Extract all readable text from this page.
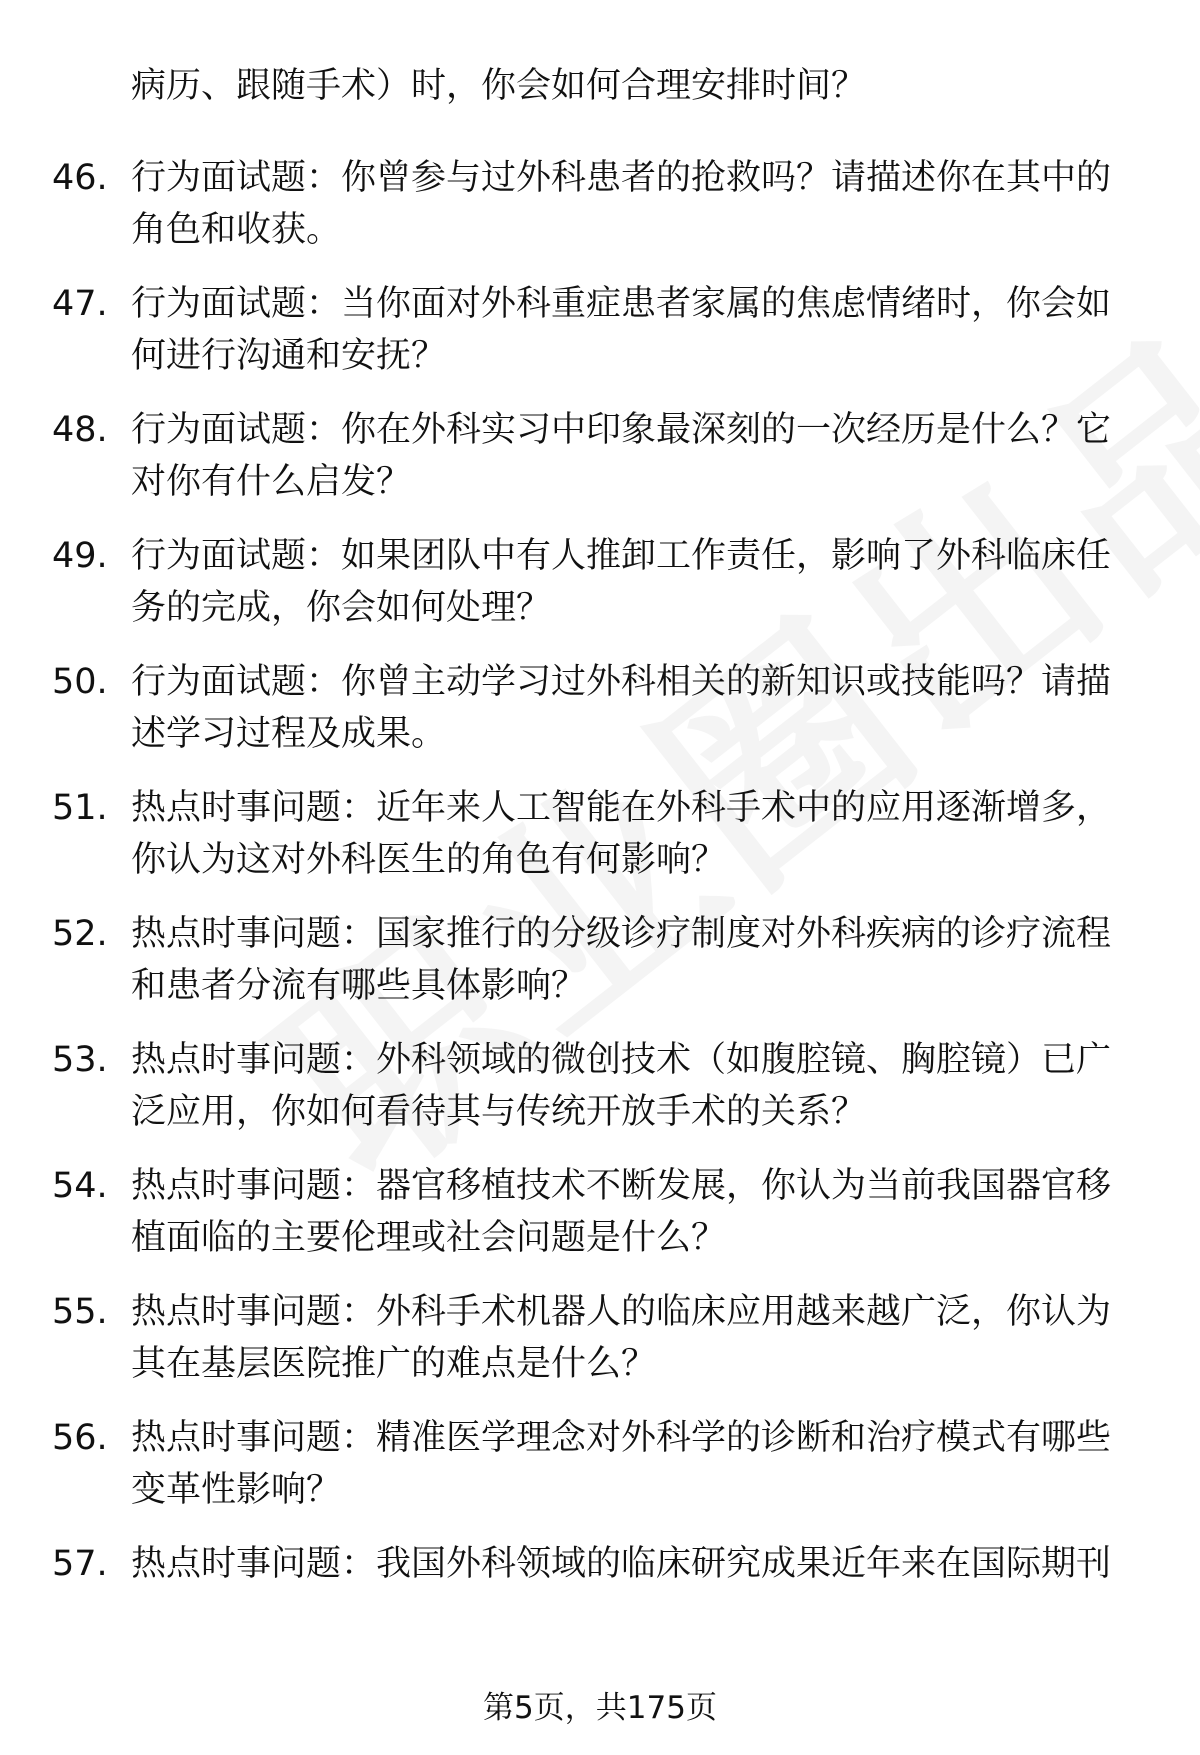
病历、跟随手术）时，你会如何合理安排时间？
46. 行为面试题：你曾参与过外科患者的抢救吗？请描述你在其中的
角色和收获。
47. 行为面试题：当你面对外科重症患者家属的焦虑情绪时，你会如
何进行沟通和安抚？
48. 行为面试题：你在外科实习中印象最深刻的一次经历是什么？它
对你有什么启发？
49. 行为面试题：如果团队中有人推卸工作责任，影响了外科临床任
务的完成，你会如何处理？
50. 行为面试题：你曾主动学习过外科相关的新知识或技能吗？请描
述学习过程及成果。
51. 热点时事问题：近年来人工智能在外科手术中的应用逐渐增多，
你认为这对外科医生的角色有何影响？
52. 热点时事问题：国家推行的分级诊疗制度对外科疾病的诊疗流程
和患者分流有哪些具体影响？
53. 热点时事问题：外科领域的微创技术（如腹腔镜、胸腔镜）已广
泛应用，你如何看待其与传统开放手术的关系？
54. 热点时事问题：器官移植技术不断发展，你认为当前我国器官移
植面临的主要伦理或社会问题是什么？
55. 热点时事问题：外科手术机器人的临床应用越来越广泛，你认为
其在基层医院推广的难点是什么？
56. 热点时事问题：精准医学理念对外科学的诊断和治疗模式有哪些
变革性影响？
57. 热点时事问题：我国外科领域的临床研究成果近年来在国际期刊
第5页，共175页
